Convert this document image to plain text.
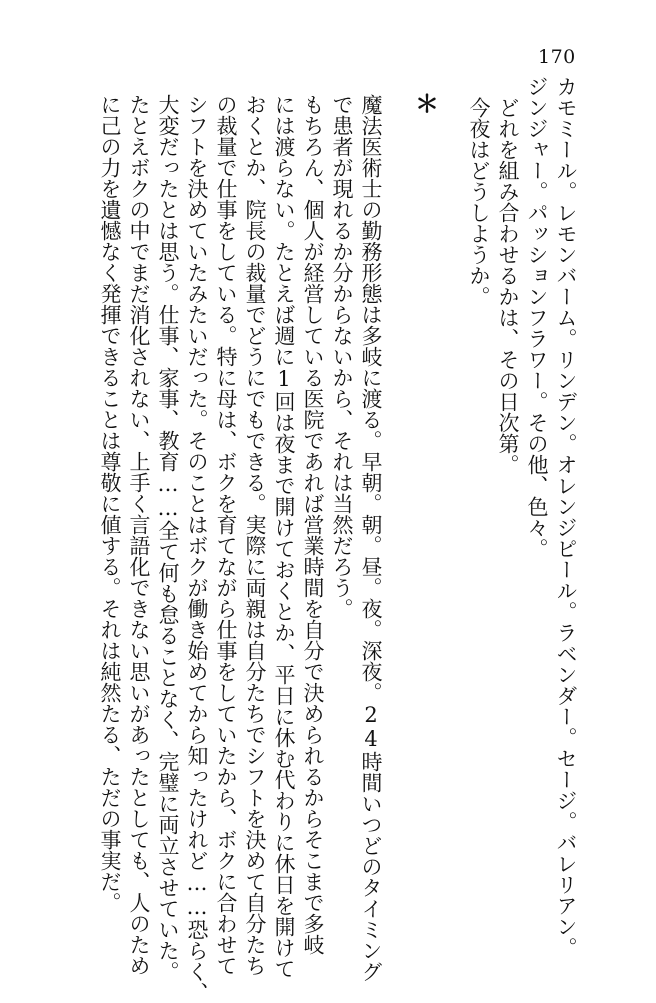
170
カモミール。レモンバーム。リンデン。オレンジピール。ラベンダー。セージ。バレリアン。
ジンジャー。パッションフラワー。その他、色々。
どれを組み合わせるかは、その日次第。
今夜はどうしようか。
＊
魔法医術士の勤務形態は多岐に渡る。早朝。朝。昼。夜。深夜。24時間いつどのタイミング
で患者が現れるか分からないから、それは当然だろう。
もちろん、個人が経営している医院であれば営業時間を自分で決められるからそこまで多岐
には渡らない。たとえば週に1回は夜まで開けておくとか、平日に休む代わりに休日を開けて
おくとか、院長の裁量でどうにでもできる。実際に両親は自分たちでシフトを決めて自分たち
の裁量で仕事をしている。特に母は、ボクを育てながら仕事をしていたから、ボクに合わせて
シフトを決めていたみたいだった。そのことはボクが働き始めてから知ったけれど……恐らく、
大変だったとは思う。仕事、家事、教育……全て何も怠ることなく、完璧に両立させていた。
たとえボクの中でまだ消化されない、上手く言語化できない思いがあったとしても、人のため
に己の力を遺憾なく発揮できることは尊敬に値する。それは純然たる、ただの事実だ。
